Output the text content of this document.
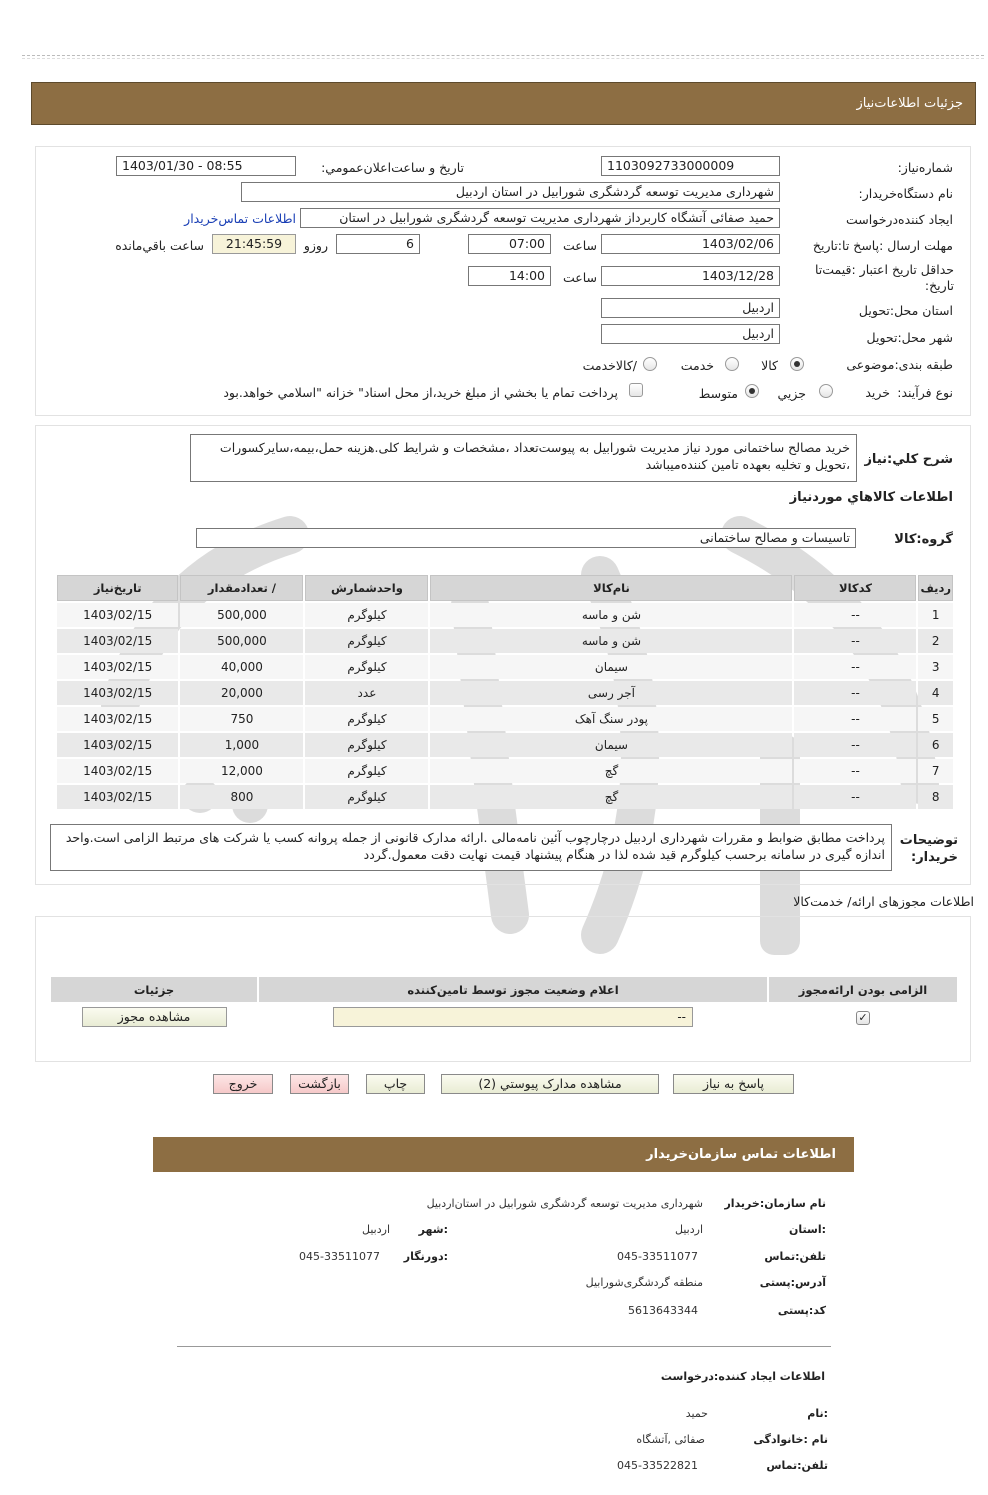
جزئیات اطلاعات‌نیاز
شماره‌نیاز:
1103092733000009
تاریخ و ساعت‌اعلان‌عمومي:
1403/01/30 - 08:55
نام دستگاه‌خريدار:
شهرداری مدیریت توسعه گردشگری شورابیل در استان اردبیل
ايجاد کننده‌درخواست
حمید صفائی آتشگاه کاربرداز شهرداری مدیریت توسعه گردشگری شورابیل در استان
اطلاعات تماس‌خريدار
مهلت ارسال :پاسخ تا:تاريخ
1403/02/06
ساعت
07:00
6
روزو
21:45:59
ساعت باقي‌مانده
حداقل تاريخ اعتبار :قيمت‌تا تاريخ:
1403/12/28
ساعت
14:00
استان محل:تحويل
اردبیل
شهر محل:تحويل
اردبیل
طبقه بندی:موضوعی
کالا
خدمت
/کالاخدمت
نوع فرآيند:
خرید
جزيي
متوسط
پرداخت تمام يا بخشي از مبلغ خريد،از محل اسناد" خزانه "اسلامي خواهد.بود
شرح کلي:نياز
خرید مصالح ساختمانی مورد نیاز مدیریت شورابیل به پیوست‌تعداد ،مشخصات و شرایط کلی.هزینه حمل،بیمه،سایرکسورات ،تحویل و تخلیه بعهده تامین کننده‌میباشد
اطلاعات کالاهاي موردنياز
گروه:کالا
تاسیسات و مصالح ساختمانی
رديف	کدکالا	نام‌کالا	واحدشمارش	/ تعدادمقدار	تاريخ‌نياز
1	--	شن و ماسه	کیلوگرم	500,000	1403/02/15
2	--	شن و ماسه	کیلوگرم	500,000	1403/02/15
3	--	سیمان	کیلوگرم	40,000	1403/02/15
4	--	آجر رسی	عدد	20,000	1403/02/15
5	--	پودر سنگ آهک	کیلوگرم	750	1403/02/15
6	--	سیمان	کیلوگرم	1,000	1403/02/15
7	--	گچ	کیلوگرم	12,000	1403/02/15
8	--	گچ	کیلوگرم	800	1403/02/15
توضيحات خريدار:
پرداخت مطابق ضوابط و مقررات شهرداری اردبیل درچارچوب آئین نامه‌مالی .ارائه مدارک قانونی از جمله پروانه کسب یا شرکت های مرتبط الزامی است.واحد اندازه گیری در سامانه برحسب کیلوگرم قید شده لذا در هنگام پیشنهاد قیمت نهایت دقت معمول.گردد
اطلاعات مجوزهای ارائه/ خدمت‌کالا
الزامی بودن ارائه‌مجوز	اعلام وضعيت مجوز توسط تامين‌کننده	جزئيات
✓	--	مشاهده مجوز
پاسخ به نياز
مشاهده مدارک پيوستي (2)
چاپ
بازگشت
خروج
اطلاعات تماس سازمان‌خريدار
نام سازمان:خريدار
شهرداری مدیریت توسعه گردشگری شورابیل در استان‌اردبیل
:استان
اردبیل
:شهر
اردبیل
تلفن:تماس
045-33511077
:دورنگار
045-33511077
آدرس:پستی
منطقه گردشگری‌شورابیل
کد:پستی
5613643344
اطلاعات ايجاد کننده:درخواست
:نام
حمید
نام :خانوادگی
صفائی ,آتشگاه
تلفن:تماس
045-33522821
